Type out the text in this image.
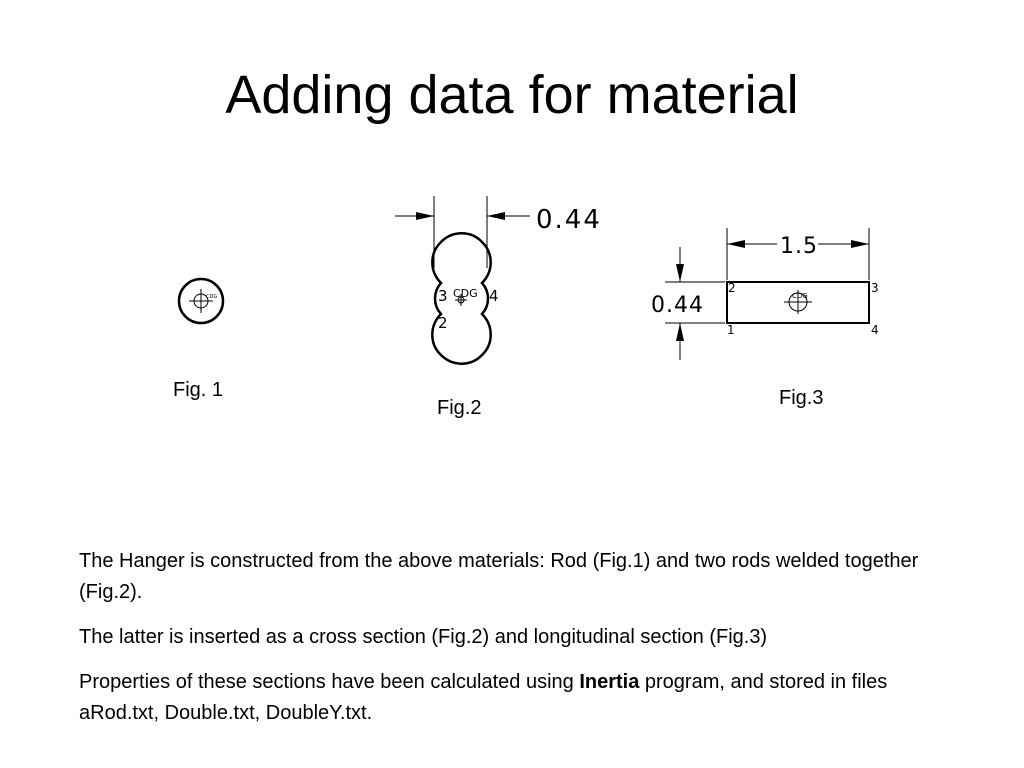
Adding data for material
CDG
0.44
CDG
3	4
2
1.5
0.44	CDG
2	3
1	4
Fig. 1
Fig.2	Fig.3

The Hanger is constructed from the above materials: Rod (Fig.1) and two rods welded together (Fig.2).

The latter is inserted as a cross section (Fig.2) and longitudinal section (Fig.3)

Properties of these sections have been calculated using Inertia program, and stored in files aRod.txt, Double.txt, DoubleY.txt.
